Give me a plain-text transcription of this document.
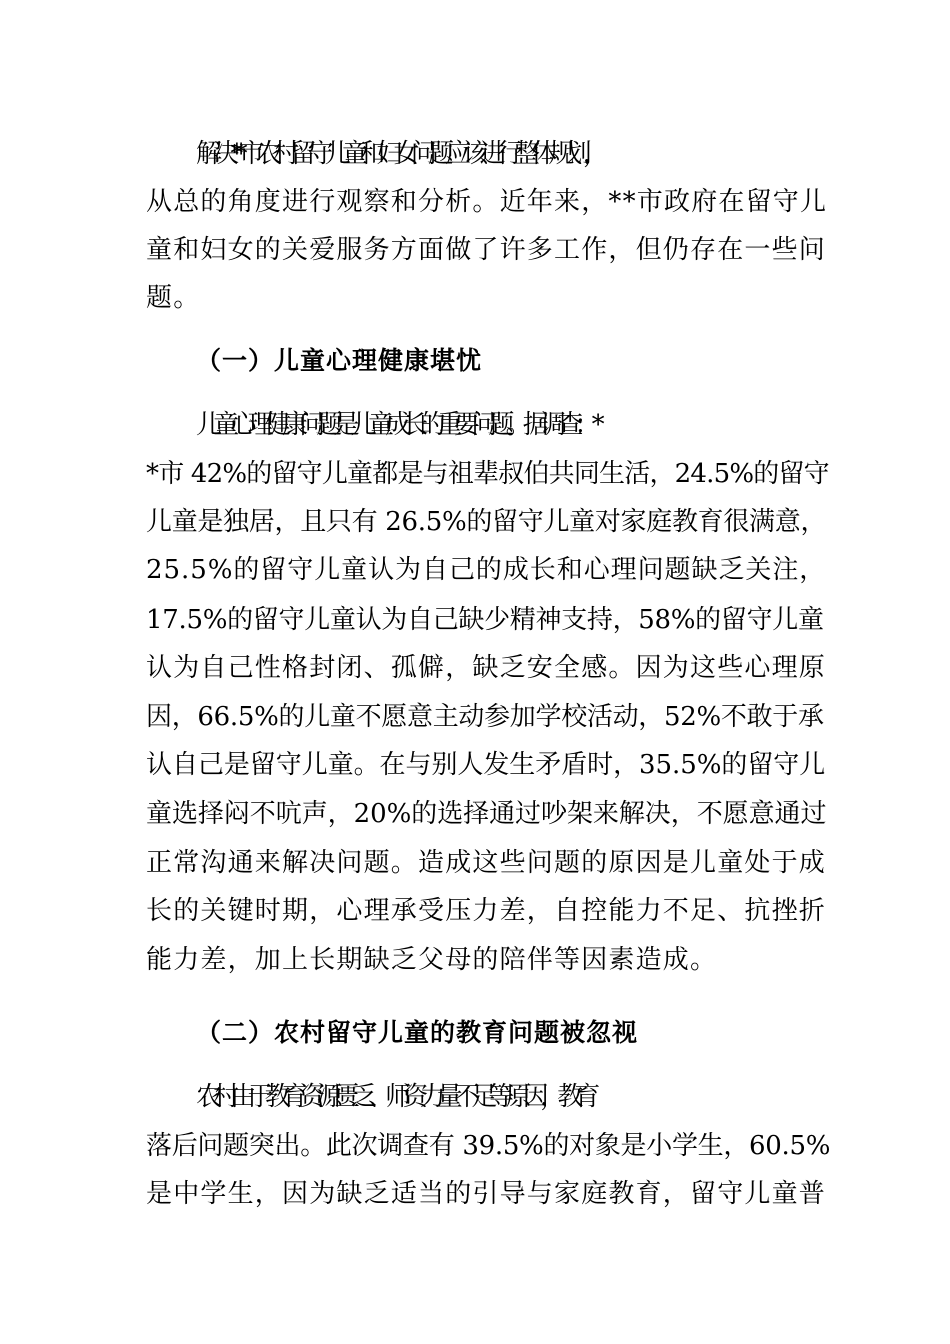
解决**市农村留守儿童和妇女问题应该进行整体规划，
从总的角度进行观察和分析。近年来，**市政府在留守儿
童和妇女的关爱服务方面做了许多工作，但仍存在一些问
题。
（一）儿童心理健康堪忧
儿童心理健康问题是儿童成长的重要问题。据调查：*
*市 42%的留守儿童都是与祖辈叔伯共同生活，24.5%的留守
儿童是独居，且只有 26.5%的留守儿童对家庭教育很满意，
25.5%的留守儿童认为自己的成长和心理问题缺乏关注，
17.5%的留守儿童认为自己缺少精神支持，58%的留守儿童
认为自己性格封闭、孤僻，缺乏安全感。因为这些心理原
因，66.5%的儿童不愿意主动参加学校活动，52%不敢于承
认自己是留守儿童。在与别人发生矛盾时，35.5%的留守儿
童选择闷不吭声，20%的选择通过吵架来解决，不愿意通过
正常沟通来解决问题。造成这些问题的原因是儿童处于成
长的关键时期，心理承受压力差，自控能力不足、抗挫折
能力差，加上长期缺乏父母的陪伴等因素造成。
（二）农村留守儿童的教育问题被忽视
农村由于教育资源匮乏、师资力量不足等原因，教育
落后问题突出。此次调查有 39.5%的对象是小学生，60.5%
是中学生，因为缺乏适当的引导与家庭教育，留守儿童普
